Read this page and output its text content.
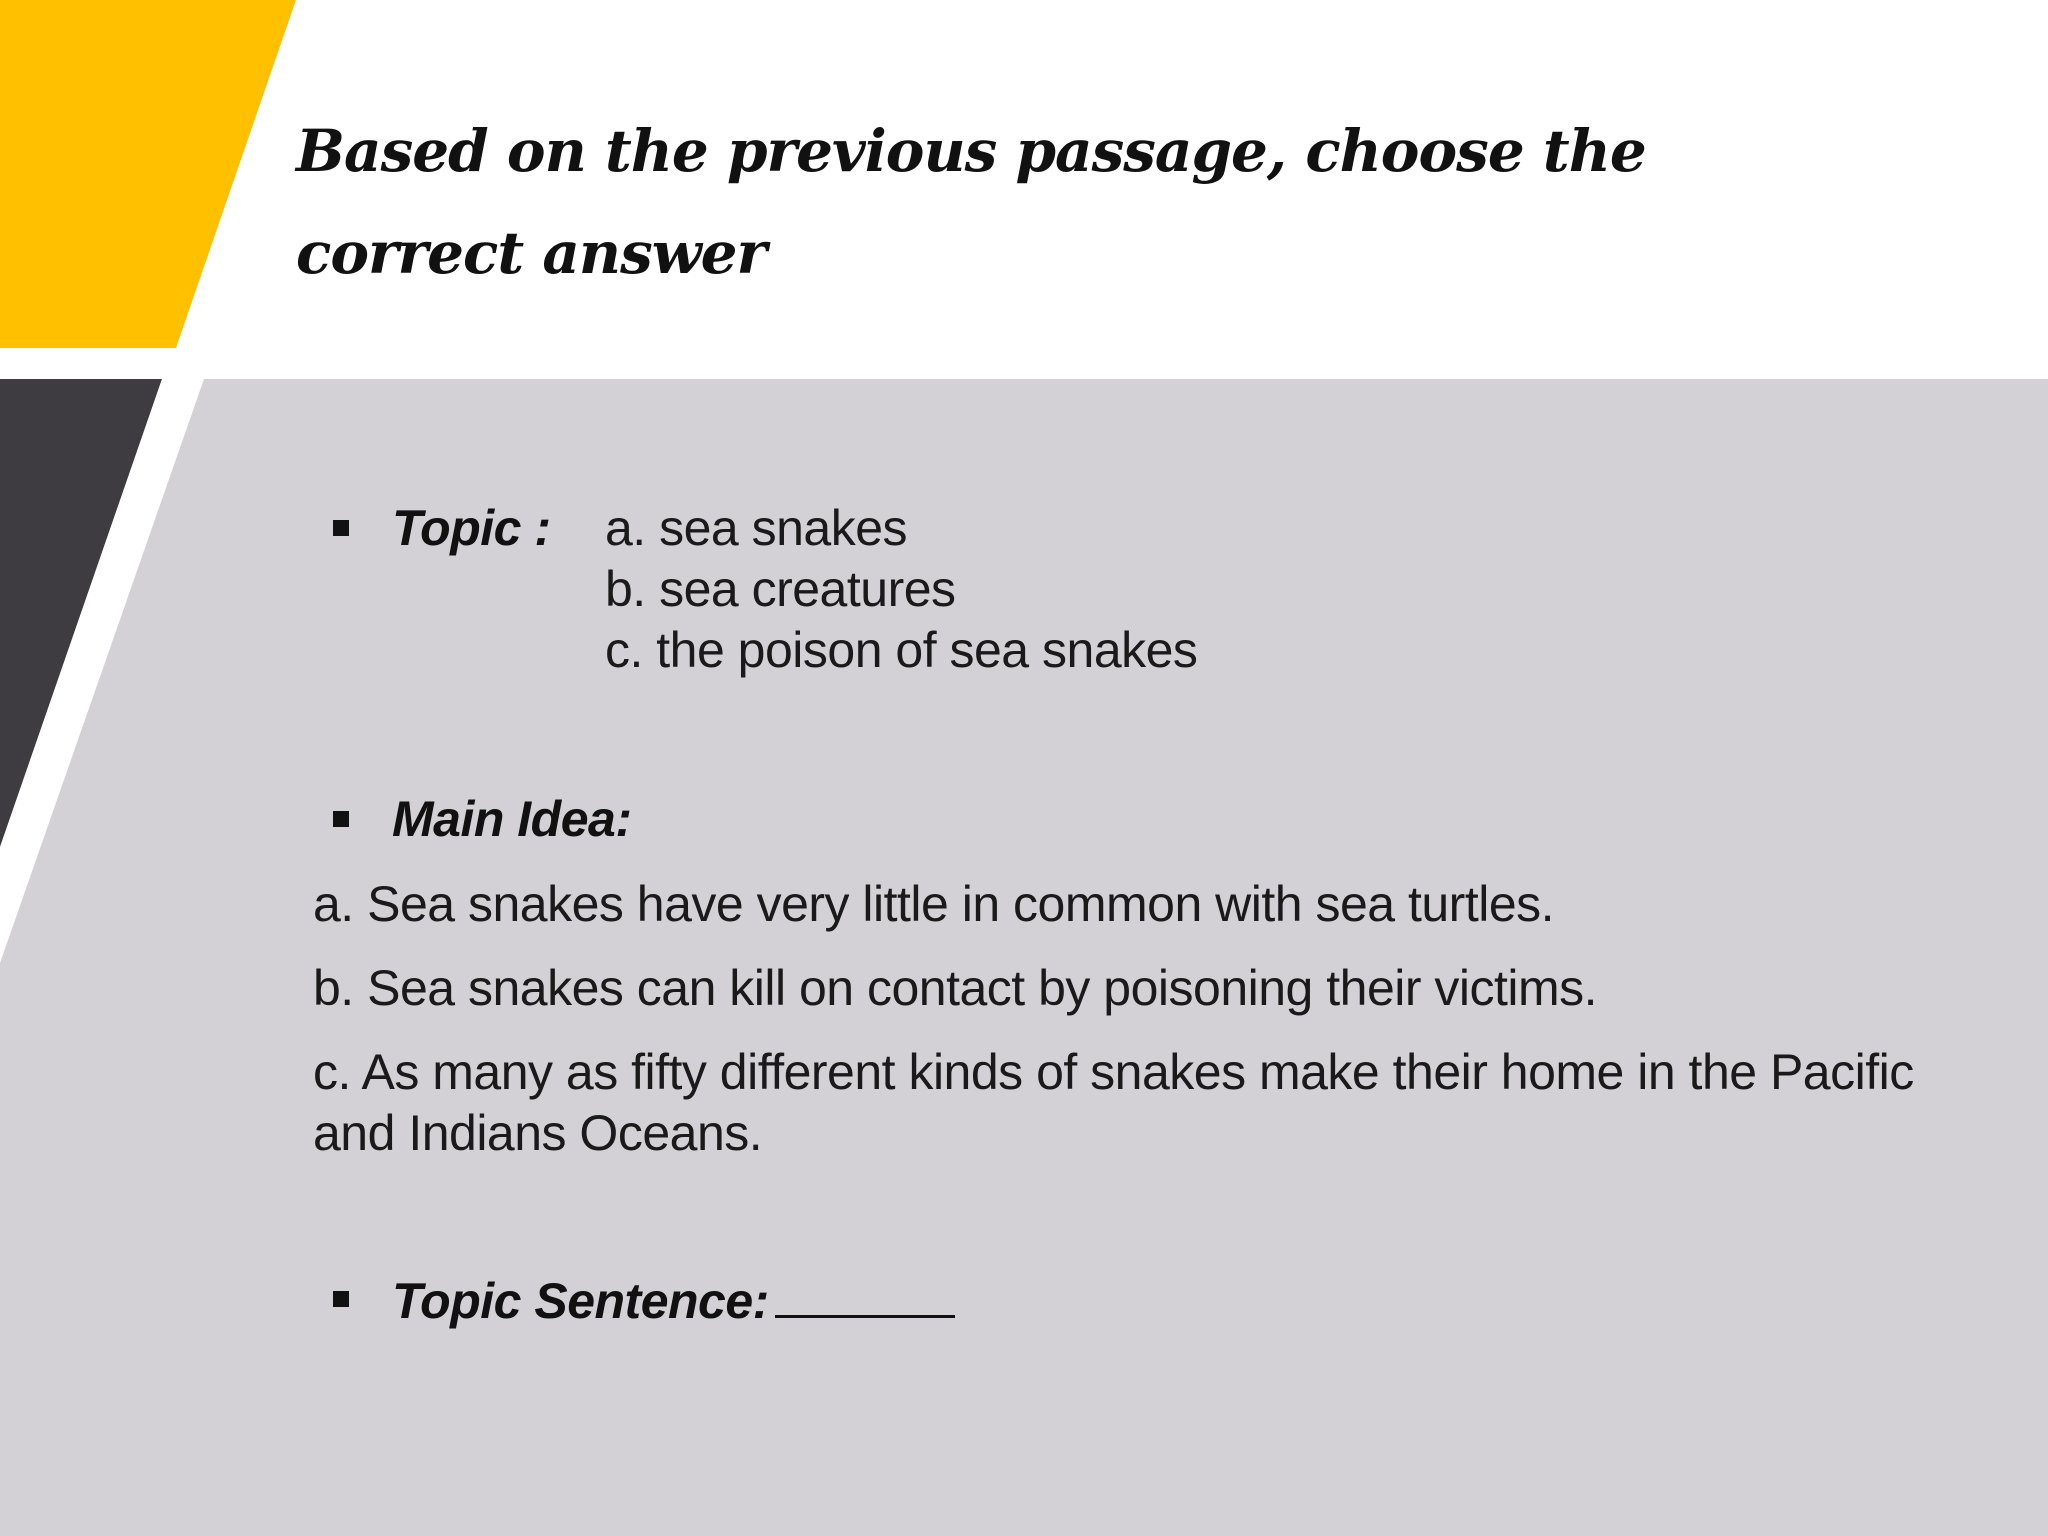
Based on the previous passage, choose the correct answer
Topic : a. sea snakes
b. sea creatures
c. the poison of sea snakes
Main Idea:
a. Sea snakes have very little in common with sea turtles.
b. Sea snakes can kill on contact by poisoning their victims.
c. As many as fifty different kinds of snakes make their home in the Pacific and Indians Oceans.
Topic Sentence:
